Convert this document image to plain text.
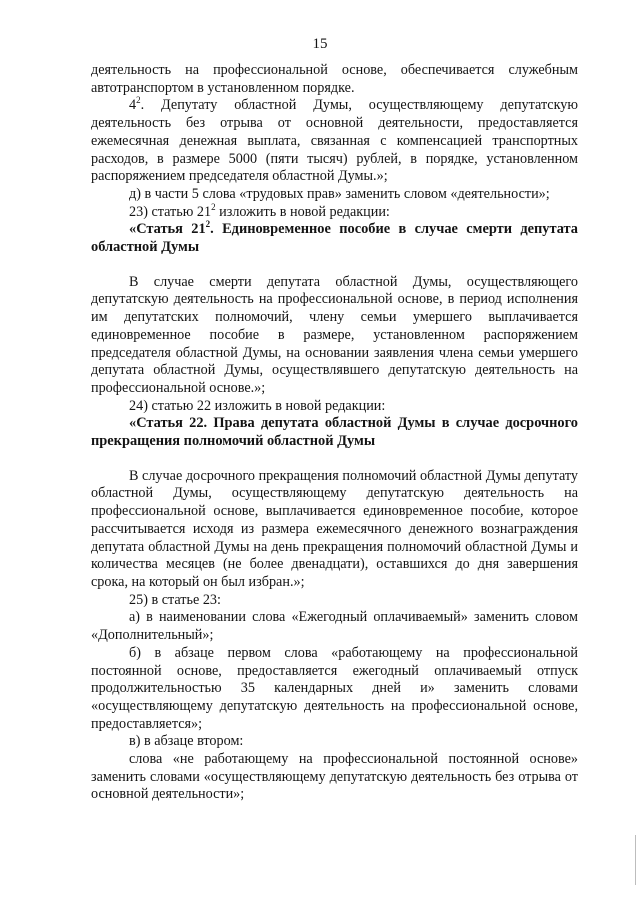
15

деятельность на профессиональной основе, обеспечивается служебным автотранспортом в установленном порядке.

$4^2$. Депутату областной Думы, осуществляющему депутатскую деятельность без отрыва от основной деятельности, предоставляется ежемесячная денежная выплата, связанная с компенсацией транспортных расходов, в размере 5000 (пяти тысяч) рублей, в порядке, установленном распоряжением председателя областной Думы.»;

д) в части 5 слова «трудовых прав» заменить словом «деятельности»;

23) статью $21^2$ изложить в новой редакции:

«Статья $21^2$. Единовременное пособие в случае смерти депутата областной Думы

В случае смерти депутата областной Думы, осуществляющего депутатскую деятельность на профессиональной основе, в период исполнения им депутатских полномочий, члену семьи умершего выплачивается единовременное пособие в размере, установленном распоряжением председателя областной Думы, на основании заявления члена семьи умершего депутата областной Думы, осуществлявшего депутатскую деятельность на профессиональной основе.»;

24) статью 22 изложить в новой редакции:

«Статья 22. Права депутата областной Думы в случае досрочного прекращения полномочий областной Думы

В случае досрочного прекращения полномочий областной Думы депутату областной Думы, осуществляющему депутатскую деятельность на профессиональной основе, выплачивается единовременное пособие, которое рассчитывается исходя из размера ежемесячного денежного вознаграждения депутата областной Думы на день прекращения полномочий областной Думы и количества месяцев (не более двенадцати), оставшихся до дня завершения срока, на который он был избран.»;

25) в статье 23:

а) в наименовании слова «Ежегодный оплачиваемый» заменить словом «Дополнительный»;

б) в абзаце первом слова «работающему на профессиональной постоянной основе, предоставляется ежегодный оплачиваемый отпуск продолжительностью 35 календарных дней и» заменить словами «осуществляющему депутатскую деятельность на профессиональной основе, предоставляется»;

в) в абзаце втором:

слова «не работающему на профессиональной постоянной основе» заменить словами «осуществляющему депутатскую деятельность без отрыва от основной деятельности»;
